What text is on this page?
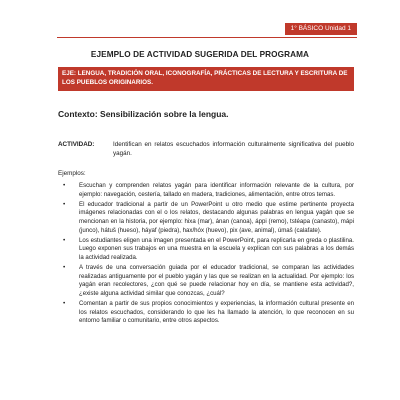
1° BÁSICO Unidad 1
EJEMPLO DE ACTIVIDAD SUGERIDA DEL PROGRAMA
EJE: LENGUA, TRADICIÓN ORAL, ICONOGRAFÍA, PRÁCTICAS DE LECTURA Y ESCRITURA DE LOS PUEBLOS ORIGINARIOS.
Contexto: Sensibilización sobre la lengua.
ACTIVIDAD:	Identifican en relatos escuchados información culturalmente significativa del pueblo yagán.
Ejemplos:
• Escuchan y comprenden relatos yagán para identificar información relevante de la cultura, por ejemplo: navegación, cestería, tallado en madera, tradiciones, alimentación, entre otros temas.
• El educador tradicional a partir de un PowerPoint u otro medio que estime pertinente proyecta imágenes relacionadas con el o los relatos, destacando algunas palabras en lengua yagán que se mencionan en la historia, por ejemplo: hixa (mar), ánan (canoa), áppi (remo), tstéapa (canasto), mápi (junco), hátuš (hueso), háyaf (piedra), hax/hóx (huevo), pix (ave, animal), úmaš (calafate).
• Los estudiantes eligen una imagen presentada en el PowerPoint, para replicarla en greda o plastilina. Luego exponen sus trabajos en una muestra en la escuela y explican con sus palabras a los demás la actividad realizada.
• A través de una conversación guiada por el educador tradicional, se comparan las actividades realizadas antiguamente por el pueblo yagán y las que se realizan en la actualidad. Por ejemplo: los yagán eran recolectores, ¿con qué se puede relacionar hoy en día, se mantiene esta actividad?, ¿existe alguna actividad similar que conozcas, ¿cuál?
• Comentan a partir de sus propios conocimientos y experiencias, la información cultural presente en los relatos escuchados, considerando lo que les ha llamado la atención, lo que reconocen en su entorno familiar o comunitario, entre otros aspectos.
